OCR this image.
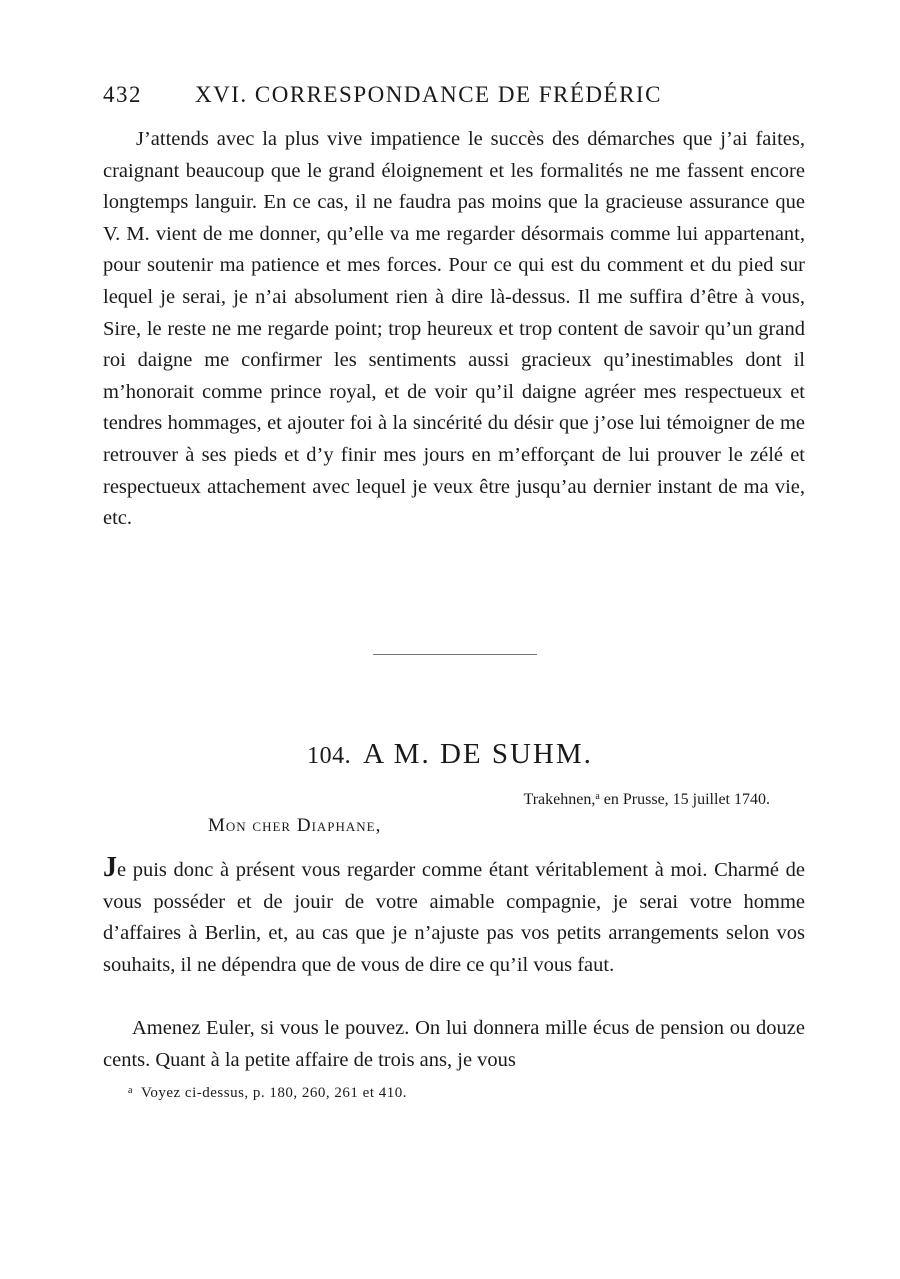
432 XVI. CORRESPONDANCE DE FRÉDÉRIC

J’attends avec la plus vive impatience le succès des démarches que j’ai faites, craignant beaucoup que le grand éloignement et les formalités ne me fassent encore longtemps languir. En ce cas, il ne faudra pas moins que la gracieuse assurance que V. M. vient de me donner, qu’elle va me regarder désormais comme lui appartenant, pour soutenir ma patience et mes forces. Pour ce qui est du comment et du pied sur lequel je serai, je n’ai absolument rien à dire là-dessus. Il me suffira d’être à vous, Sire, le reste ne me regarde point; trop heureux et trop content de savoir qu’un grand roi daigne me confirmer les sentiments aussi gracieux qu’inestimables dont il m’honorait comme prince royal, et de voir qu’il daigne agréer mes respectueux et tendres hommages, et ajouter foi à la sincérité du désir que j’ose lui témoigner de me retrouver à ses pieds et d’y finir mes jours en m’efforçant de lui prouver le zélé et respectueux attachement avec lequel je veux être jusqu’au dernier instant de ma vie, etc.

104. A M. DE SUHM.
Trakehnen,$^a$ en Prusse, 15 juillet 1740.
Mon cher Diaphane,

Je puis donc à présent vous regarder comme étant véritablement à moi. Charmé de vous posséder et de jouir de votre aimable compagnie, je serai votre homme d’affaires à Berlin, et, au cas que je n’ajuste pas vos petits arrangements selon vos souhaits, il ne dépendra que de vous de dire ce qu’il vous faut.

Amenez Euler, si vous le pouvez. On lui donnera mille écus de pension ou douze cents. Quant à la petite affaire de trois ans, je vous

$^a$ Voyez ci-dessus, p. 180, 260, 261 et 410.
